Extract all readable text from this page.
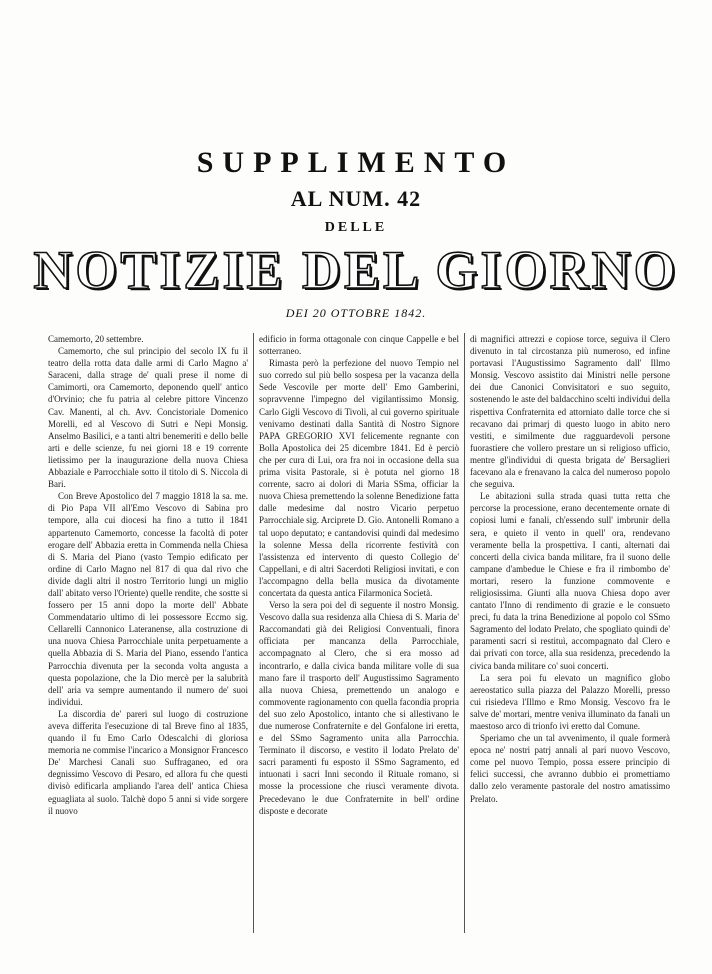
SUPPLIMENTO
AL NUM. 42
DELLE
NOTIZIE DEL GIORNO
DEI 20 OTTOBRE 1842.

Camemorto, 20 settembre.

Camemorto, che sul principio del secolo IX fu il teatro della rotta data dalle armi di Carlo Magno a' Saraceni, dalla strage de' quali prese il nome di Camimorti, ora Camemorto, deponendo quell' antico d'Orvinio; che fu patria al celebre pittore Vincenzo Cav. Manenti, al ch. Avv. Concistoriale Domenico Morelli, ed al Vescovo di Sutri e Nepi Monsig. Anselmo Basilici, e a tanti altri benemeriti e dello belle arti e delle scienze, fu nei giorni 18 e 19 corrente lietissimo per la inaugurazione della nuova Chiesa Abbaziale e Parrocchiale sotto il titolo di S. Niccola di Bari.

Con Breve Apostolico del 7 maggio 1818 la sa. me. di Pio Papa VII all'Emo Vescovo di Sabina pro tempore, alla cui diocesi ha fino a tutto il 1841 appartenuto Camemorto, concesse la facoltà di poter erogare dell' Abbazia eretta in Commenda nella Chiesa di S. Maria del Piano (vasto Tempio edificato per ordine di Carlo Magno nel 817 di qua dal rivo che divide dagli altri il nostro Territorio lungi un miglio dall' abitato verso l'Oriente) quelle rendite, che sostte si fossero per 15 anni dopo la morte dell' Abbate Commendatario ultimo di lei possessore Eccmo sig. Cellarelli Cannonico Lateranense, alla costruzione di una nuova Chiesa Parrocchiale unita perpetuamente a quella Abbazia di S. Maria del Piano, essendo l'antica Parrocchia divenuta per la seconda volta angusta a questa popolazione, che la Dio mercè per la salubrità dell' aria va sempre aumentando il numero de' suoi individui.

La discordia de' pareri sul luogo di costruzione aveva differita l'esecuzione di tal Breve fino al 1835, quando il fu Emo Carlo Odescalchi di gloriosa memoria ne commise l'incarico a Monsignor Francesco De' Marchesi Canali suo Suffraganeo, ed ora degnissimo Vescovo di Pesaro, ed allora fu che questi divisò edificarla ampliando l'area dell' antica Chiesa eguagliata al suolo. Talchè dopo 5 anni si vide sorgere il nuovo

edificio in forma ottagonale con cinque Cappelle e bel sotterraneo.

Rimasta però la perfezione del nuovo Tempio nel suo corredo sul più bello sospesa per la vacanza della Sede Vescovile per morte dell' Emo Gamberini, sopravvenne l'impegno del vigilantissimo Monsig. Carlo Gigli Vescovo di Tivoli, al cui governo spirituale venivamo destinati dalla Santità di Nostro Signore PAPA GREGORIO XVI felicemente regnante con Bolla Apostolica dei 25 dicembre 1841. Ed è perciò che per cura di Lui, ora fra noi in occasione della sua prima visita Pastorale, si è potuta nel giorno 18 corrente, sacro ai dolori di Maria SSma, officiar la nuova Chiesa premettendo la solenne Benedizione fatta dalle medesime dal nostro Vicario perpetuo Parrocchiale sig. Arciprete D. Gio. Antonelli Romano a tal uopo deputato; e cantandovisi quindi dal medesimo la solenne Messa della ricorrente festività con l'assistenza ed intervento di questo Collegio de' Cappellani, e di altri Sacerdoti Religiosi invitati, e con l'accompagno della bella musica da divotamente concertata da questa antica Filarmonica Società.

Verso la sera poi del dì seguente il nostro Monsig. Vescovo dalla sua residenza alla Chiesa di S. Maria de' Raccomandati già dei Religiosi Conventuali, finora officiata per mancanza della Parrocchiale, accompagnato al Clero, che si era mosso ad incontrarlo, e dalla civica banda militare volle di sua mano fare il trasporto dell' Augustissimo Sagramento alla nuova Chiesa, premettendo un analogo e commovente ragionamento con quella facondia propria del suo zelo Apostolico, intanto che si allestivano le due numerose Confraternite e del Gonfalone iri eretta, e del SSmo Sagramento unita alla Parrocchia. Terminato il discorso, e vestito il lodato Prelato de' sacri paramenti fu esposto il SSmo Sagramento, ed intuonati i sacri Inni secondo il Rituale romano, si mosse la processione che riuscì veramente divota. Precedevano le due Confraternite in bell' ordine disposte e decorate

di magnifici attrezzi e copiose torce, seguiva il Clero divenuto in tal circostanza più numeroso, ed infine portavasi l'Augustissimo Sagramento dall' Illmo Monsig. Vescovo assistito dai Ministri nelle persone dei due Canonici Convisitatori e suo seguito, sostenendo le aste del baldacchino scelti individui della rispettiva Confraternita ed attorniato dalle torce che si recavano dai primarj di questo luogo in abito nero vestiti, e similmente due ragguardevoli persone fuorastiere che vollero prestare un sì religioso ufficio, mentre gl'individui di questa brigata de' Bersaglieri facevano ala e frenavano la calca del numeroso popolo che seguiva.

Le abitazioni sulla strada quasi tutta retta che percorse la processione, erano decentemente ornate di copiosi lumi e fanali, ch'essendo sull' imbrunir della sera, e quieto il vento in quell' ora, rendevano veramente bella la prospettiva. I canti, alternati dai concerti della civica banda militare, fra il suono delle campane d'ambedue le Chiese e fra il rimbombo de' mortari, resero la funzione commovente e religiosissima. Giunti alla nuova Chiesa dopo aver cantato l'Inno di rendimento di grazie e le consueto preci, fu data la trina Benedizione al popolo col SSmo Sagramento del lodato Prelato, che spogliato quindi de' paramenti sacri si restituì, accompagnato dal Clero e dai privati con torce, alla sua residenza, precedendo la civica banda militare co' suoi concerti.

La sera poi fu elevato un magnifico globo aereostatico sulla piazza del Palazzo Morelli, presso cui risiedeva l'Illmo e Rmo Monsig. Vescovo fra le salve de' mortari, mentre veniva illuminato da fanali un maestoso arco di trionfo ivi eretto dal Comune.

Speriamo che un tal avvenimento, il quale formerà epoca ne' nostri patrj annali al pari nuovo Vescovo, come pel nuovo Tempio, possa essere principio di felici successi, che avranno dubbio ei promettiamo dallo zelo veramente pastorale del nostro amatissimo Prelato.
